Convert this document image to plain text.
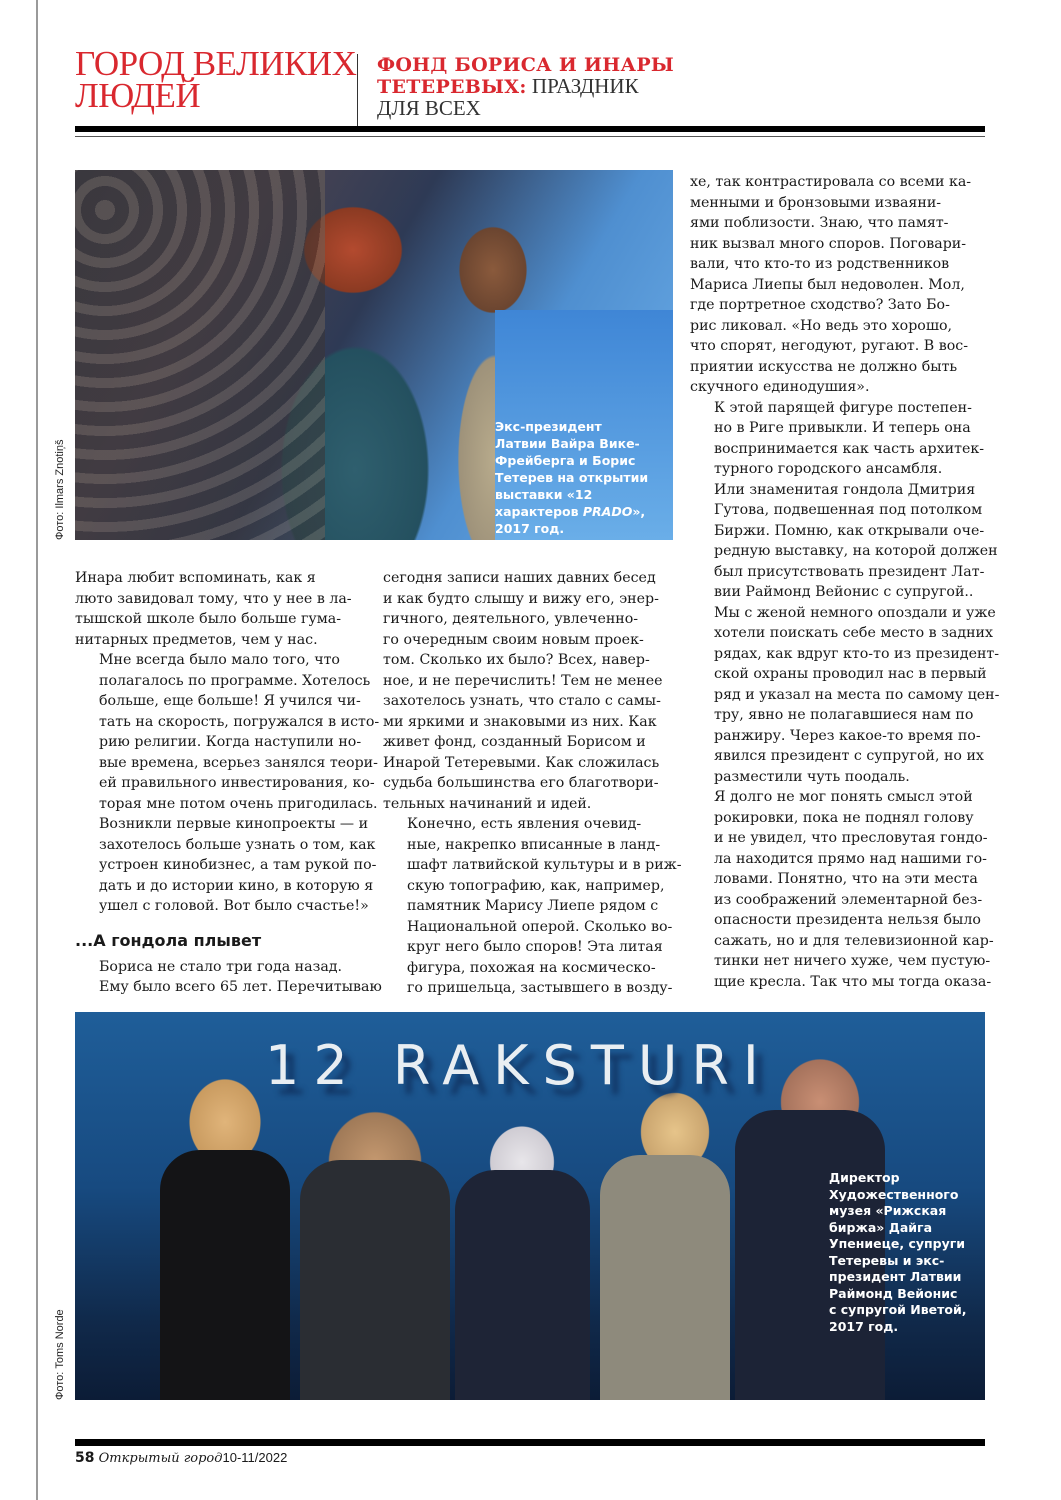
ГОРОД ВЕЛИКИХ
ЛЮДЕЙ
ФОНД БОРИСА И ИНАРЫ
ТЕТЕРЕВЫХ: ПРАЗДНИК
ДЛЯ ВСЕХ
Экс-президент
Латвии Вайра Вике-
Фрейберга и Борис
Тетерев на открытии
выставки «12
характеров PRADO»,
2017 год.
Фото: Ilmars Znotiņš

Инара любит вспоминать, как я
люто завидовал тому, что у нее в ла-
тышской школе было больше гума-
нитарных предметов, чем у нас.

Мне всегда было мало того, что
полагалось по программе. Хотелось
больше, еще больше! Я учился чи-
тать на скорость, погружался в исто-
рию религии. Когда наступили но-
вые времена, всерьез занялся теори-
ей правильного инвестирования, ко-
торая мне потом очень пригодилась.
Возникли первые кинопроекты — и
захотелось больше узнать о том, как
устроен кинобизнес, а там рукой по-
дать и до истории кино, в которую я
ушел с головой. Вот было счастье!»

...А гондола плывет

Бориса не стало три года назад.
Ему было всего 65 лет. Перечитываю

сегодня записи наших давних бесед
и как будто слышу и вижу его, энер-
гичного, деятельного, увлеченно-
го очередным своим новым проек-
том. Сколько их было? Всех, навер-
ное, и не перечислить! Тем не менее
захотелось узнать, что стало с самы-
ми яркими и знаковыми из них. Как
живет фонд, созданный Борисом и
Инарой Тетеревыми. Как сложилась
судьба большинства его благотвори-
тельных начинаний и идей.

Конечно, есть явления очевид-
ные, накрепко вписанные в ланд-
шафт латвийской культуры и в риж-
скую топографию, как, например,
памятник Марису Лиепе рядом с
Национальной оперой. Сколько во-
круг него было споров! Эта литая
фигура, похожая на космическо-
го пришельца, застывшего в возду-

хе, так контрастировала со всеми ка-
менными и бронзовыми изваяни-
ями поблизости. Знаю, что памят-
ник вызвал много споров. Поговари-
вали, что кто-то из родственников
Мариса Лиепы был недоволен. Мол,
где портретное сходство? Зато Бо-
рис ликовал. «Но ведь это хорошо,
что спорят, негодуют, ругают. В вос-
приятии искусства не должно быть
скучного единодушия».

К этой парящей фигуре постепен-
но в Риге привыкли. И теперь она
воспринимается как часть архитек-
турного городского ансамбля.

Или знаменитая гондола Дмитрия
Гутова, подвешенная под потолком
Биржи. Помню, как открывали оче-
редную выставку, на которой должен
был присутствовать президент Лат-
вии Раймонд Вейонис с супругой..
Мы с женой немного опоздали и уже
хотели поискать себе место в задних
рядах, как вдруг кто-то из президент-
ской охраны проводил нас в первый
ряд и указал на места по самому цен-
тру, явно не полагавшиеся нам по
ранжиру. Через какое-то время по-
явился президент с супругой, но их
разместили чуть поодаль.

Я долго не мог понять смысл этой
рокировки, пока не поднял голову
и не увидел, что пресловутая гондо-
ла находится прямо над нашими го-
ловами. Понятно, что на эти места
из соображений элементарной без-
опасности президента нельзя было
сажать, но и для телевизионной кар-
тинки нет ничего хуже, чем пустую-
щие кресла. Так что мы тогда оказа-

12 RAKSTURI
Директор
Художественного
музея «Рижская
биржа» Дайга
Упениеце, супруги
Тетеревы и экс-
президент Латвии
Раймонд Вейонис
с супругой Иветой,
2017 год.
Фото: Toms Norde
58 Открытый город10-11/2022
